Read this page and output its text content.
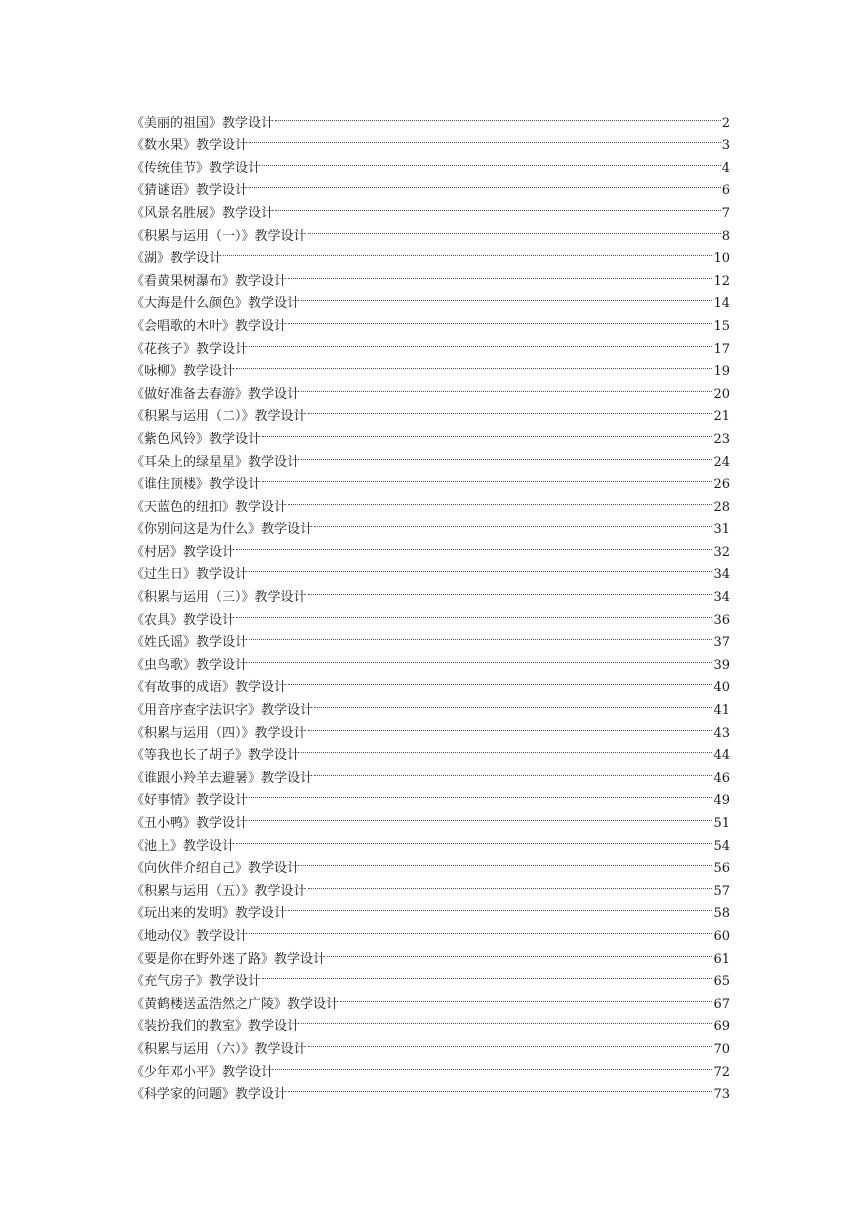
《美丽的祖国》教学设计	2
《数水果》教学设计	3
《传统佳节》教学设计	4
《猜谜语》教学设计	6
《风景名胜展》教学设计	7
《积累与运用（一）》教学设计	8
《湖》教学设计	10
《看黄果树瀑布》教学设计	12
《大海是什么颜色》教学设计	14
《会唱歌的木叶》教学设计	15
《花孩子》教学设计	17
《咏柳》教学设计	19
《做好准备去春游》教学设计	20
《积累与运用（二）》教学设计	21
《紫色风铃》教学设计	23
《耳朵上的绿星星》教学设计	24
《谁住顶楼》教学设计	26
《天蓝色的纽扣》教学设计	28
《你别问这是为什么》教学设计	31
《村居》教学设计	32
《过生日》教学设计	34
《积累与运用（三）》教学设计	34
《农具》教学设计	36
《姓氏谣》教学设计	37
《虫鸟歌》教学设计	39
《有故事的成语》教学设计	40
《用音序查字法识字》教学设计	41
《积累与运用（四）》教学设计	43
《等我也长了胡子》教学设计	44
《谁跟小羚羊去避暑》教学设计	46
《好事情》教学设计	49
《丑小鸭》教学设计	51
《池上》教学设计	54
《向伙伴介绍自己》教学设计	56
《积累与运用（五）》教学设计	57
《玩出来的发明》教学设计	58
《地动仪》教学设计	60
《要是你在野外迷了路》教学设计	61
《充气房子》教学设计	65
《黄鹤楼送孟浩然之广陵》教学设计	67
《装扮我们的教室》教学设计	69
《积累与运用（六）》教学设计	70
《少年邓小平》教学设计	72
《科学家的问题》教学设计	73
